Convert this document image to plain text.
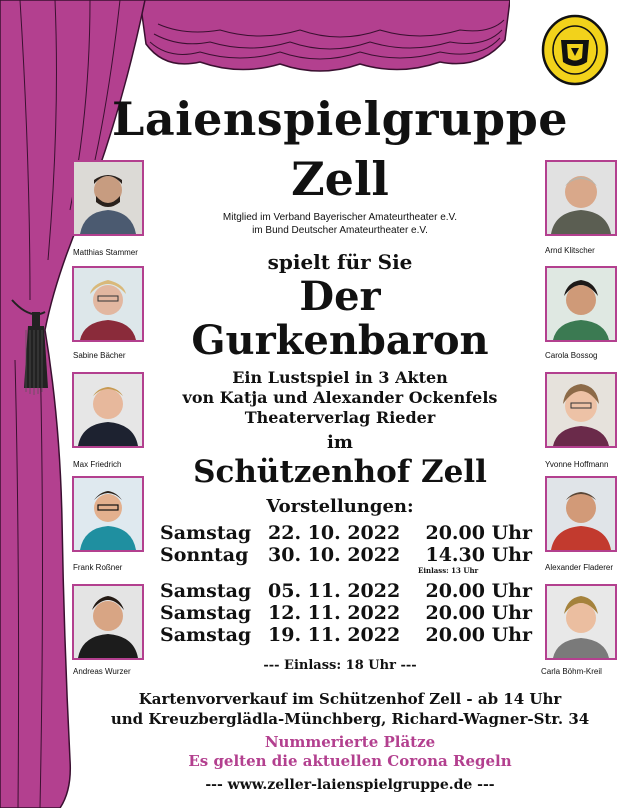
Laienspielgruppe
Zell
Mitglied im Verband Bayerischer Amateurtheater e.V.
im Bund Deutscher Amateurtheater e.V.
spielt für Sie
Der
Gurkenbaron
Ein Lustspiel in 3 Akten
von Katja und Alexander Ockenfels
Theaterverlag Rieder
im
Schützenhof Zell
Vorstellungen:
Samstag 22. 10. 2022	20.00 Uhr
Sonntag	30. 10. 2022	14.30 Uhr
Einlass: 13 Uhr
Samstag 05. 11. 2022	20.00 Uhr
Samstag 12. 11. 2022	20.00 Uhr
Samstag 19. 11. 2022	20.00 Uhr
--- Einlass: 18 Uhr ---
Kartenvorverkauf im Schützenhof Zell - ab 14 Uhr
und Kreuzberglädla-Münchberg, Richard-Wagner-Str. 34
Nummerierte Plätze
Es gelten die aktuellen Corona Regeln
--- www.zeller-laienspielgruppe.de ---
Matthias Stammer
Sabine Bächer
Max Friedrich
Frank Roßner
Andreas Wurzer
Arnd Klitscher
Carola Bossog
Yvonne Hoffmann
Alexander Fladerer
Carla Böhm-Kreil
